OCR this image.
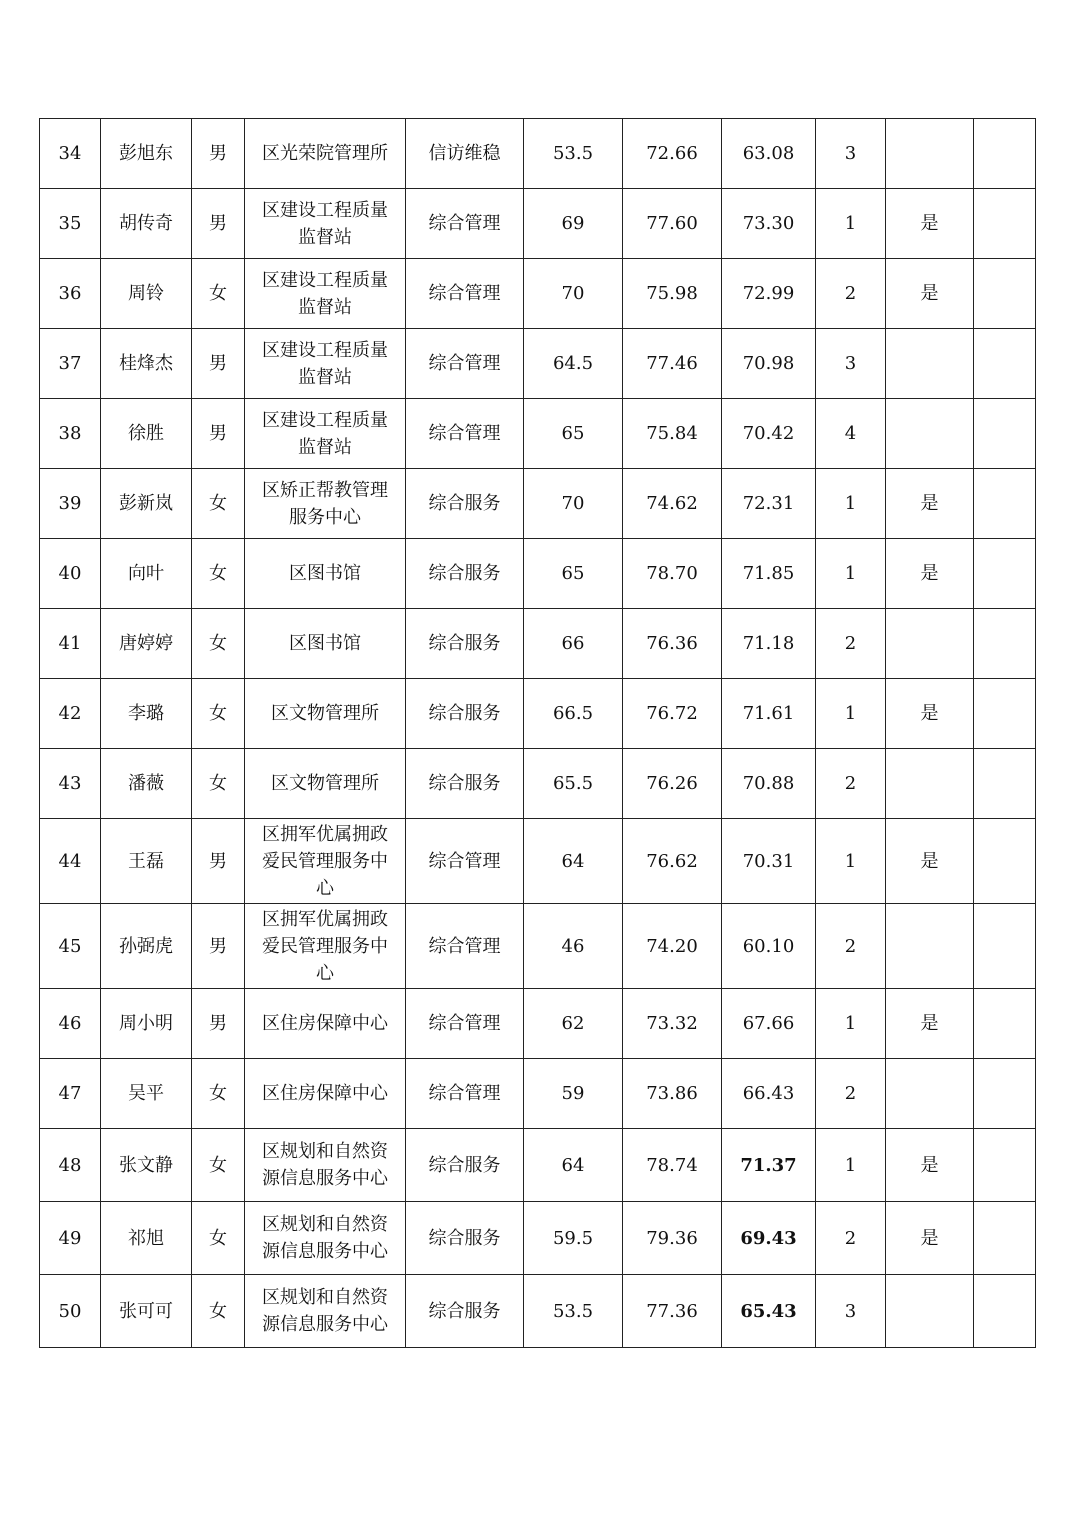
34	彭旭东	男	区光荣院管理所	信访维稳	53.5	72.66	63.08	3		
35	胡传奇	男	区建设工程质量
监督站	综合管理	69	77.60	73.30	1	是	
36	周铃	女	区建设工程质量
监督站	综合管理	70	75.98	72.99	2	是	
37	桂烽杰	男	区建设工程质量
监督站	综合管理	64.5	77.46	70.98	3		
38	徐胜	男	区建设工程质量
监督站	综合管理	65	75.84	70.42	4		
39	彭新岚	女	区矫正帮教管理
服务中心	综合服务	70	74.62	72.31	1	是	
40	向叶	女	区图书馆	综合服务	65	78.70	71.85	1	是	
41	唐婷婷	女	区图书馆	综合服务	66	76.36	71.18	2		
42	李璐	女	区文物管理所	综合服务	66.5	76.72	71.61	1	是	
43	潘薇	女	区文物管理所	综合服务	65.5	76.26	70.88	2		
44	王磊	男	区拥军优属拥政
爱民管理服务中
心	综合管理	64	76.62	70.31	1	是	
45	孙弼虎	男	区拥军优属拥政
爱民管理服务中
心	综合管理	46	74.20	60.10	2		
46	周小明	男	区住房保障中心	综合管理	62	73.32	67.66	1	是	
47	吴平	女	区住房保障中心	综合管理	59	73.86	66.43	2		
48	张文静	女	区规划和自然资
源信息服务中心	综合服务	64	78.74	71.37	1	是	
49	祁旭	女	区规划和自然资
源信息服务中心	综合服务	59.5	79.36	69.43	2	是	
50	张可可	女	区规划和自然资
源信息服务中心	综合服务	53.5	77.36	65.43	3		
